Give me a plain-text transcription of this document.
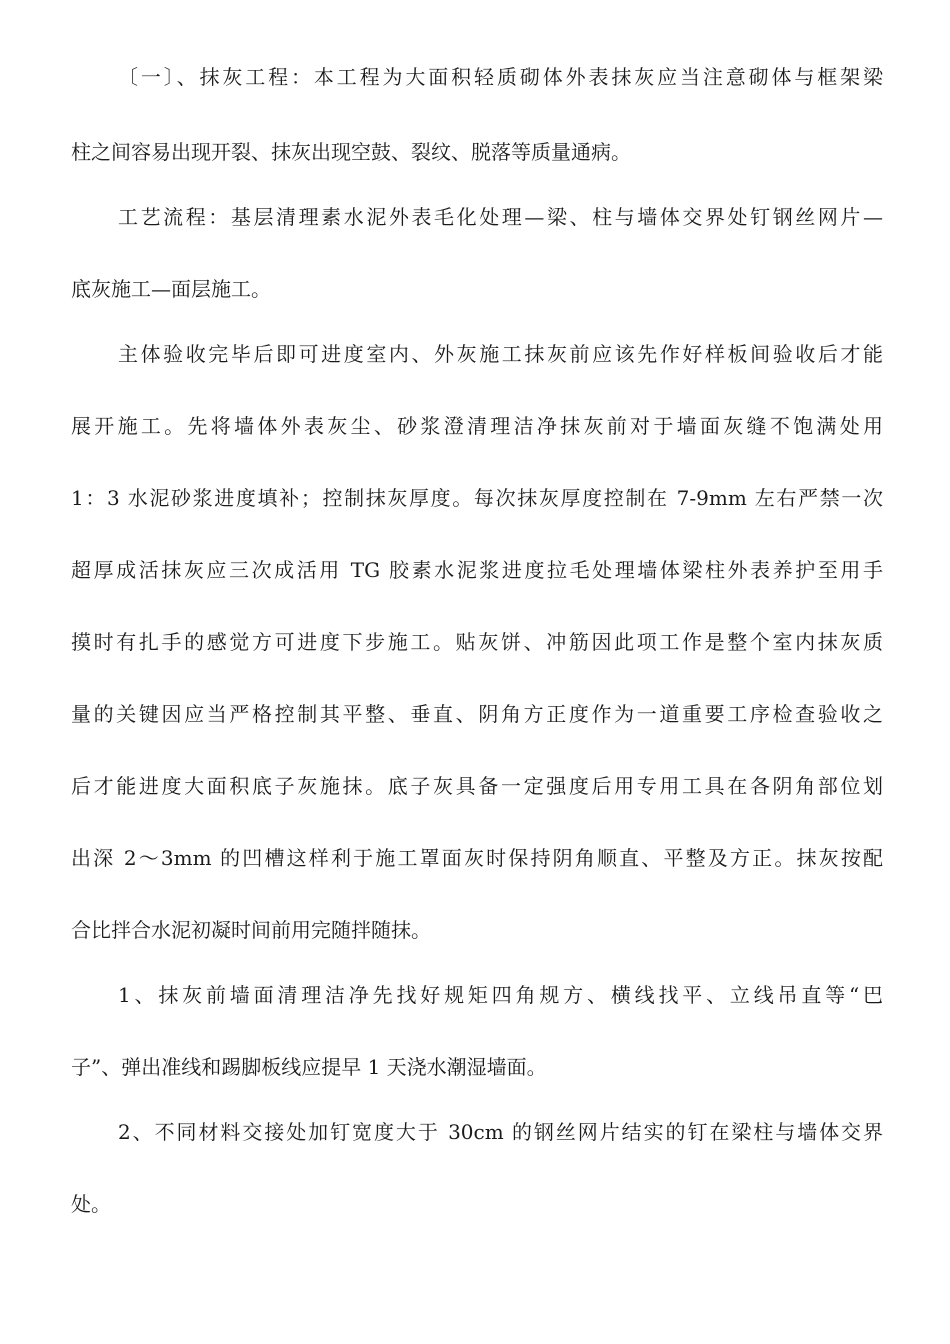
〔一〕、抹灰工程：本工程为大面积轻质砌体外表抹灰应当注意砌体与框架梁
柱之间容易出现开裂、抹灰出现空鼓、裂纹、脱落等质量通病。
工艺流程：基层清理素水泥外表毛化处理—梁、柱与墙体交界处钉钢丝网片—
底灰施工—面层施工。
主体验收完毕后即可进度室内、外灰施工抹灰前应该先作好样板间验收后才能
展开施工。先将墙体外表灰尘、砂浆澄清理洁净抹灰前对于墙面灰缝不饱满处用
1：3 水泥砂浆进度填补；控制抹灰厚度。每次抹灰厚度控制在 7-9mm 左右严禁一次
超厚成活抹灰应三次成活用 TG 胶素水泥浆进度拉毛处理墙体梁柱外表养护至用手
摸时有扎手的感觉方可进度下步施工。贴灰饼、冲筋因此项工作是整个室内抹灰质
量的关键因应当严格控制其平整、垂直、阴角方正度作为一道重要工序检查验收之
后才能进度大面积底子灰施抹。底子灰具备一定强度后用专用工具在各阴角部位划
出深 2～3mm 的凹槽这样利于施工罩面灰时保持阴角顺直、平整及方正。抹灰按配
合比拌合水泥初凝时间前用完随拌随抹。
1、抹灰前墙面清理洁净先找好规矩四角规方、横线找平、立线吊直等“巴
子”、弹出准线和踢脚板线应提早 1 天浇水潮湿墙面。
2、不同材料交接处加钉宽度大于 30cm 的钢丝网片结实的钉在梁柱与墙体交界
处。
